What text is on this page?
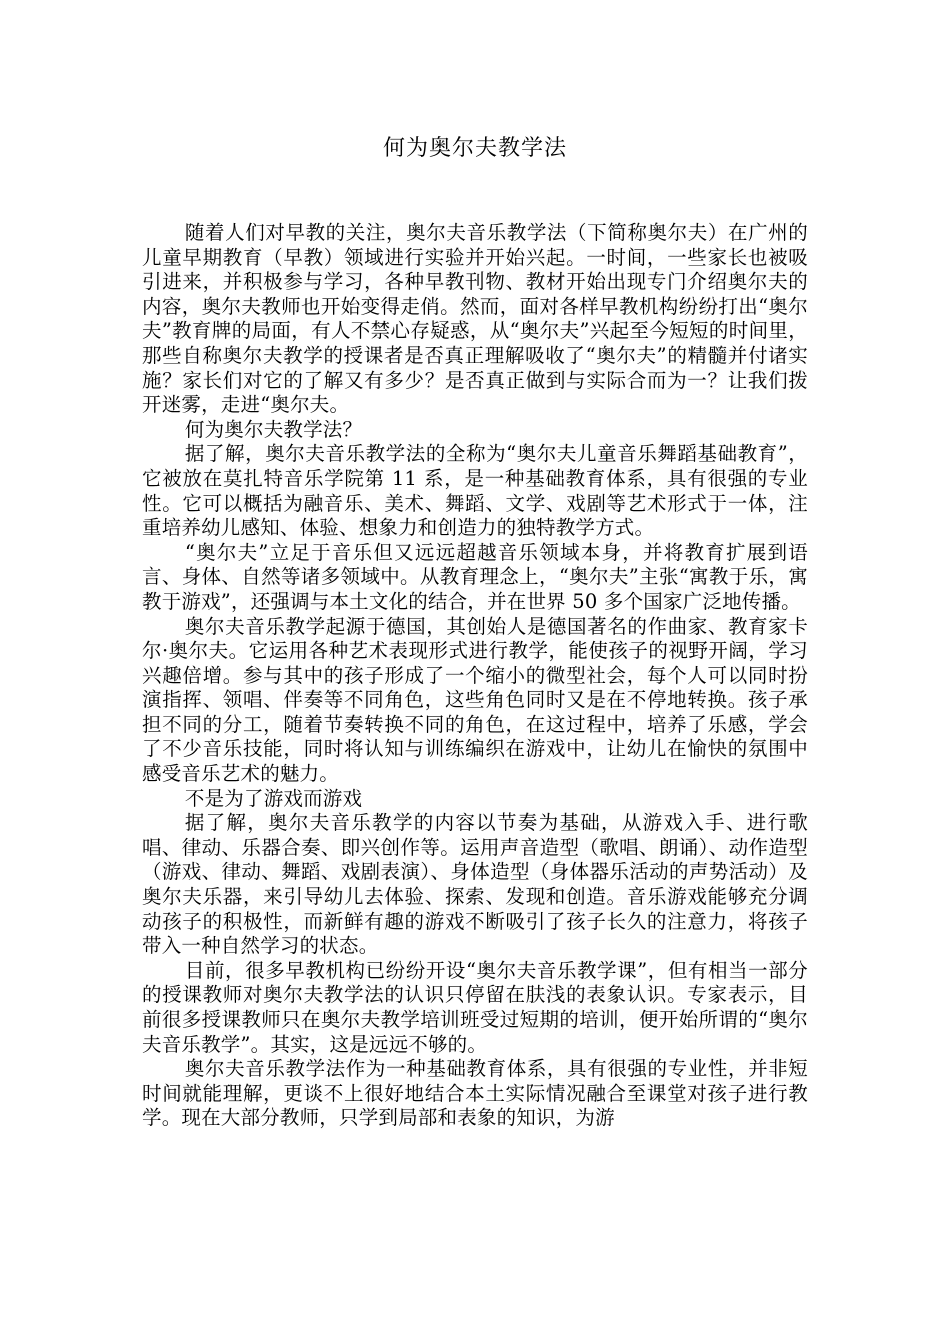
何为奥尔夫教学法

随着人们对早教的关注，奥尔夫音乐教学法（下简称奥尔夫）在广州的儿童早期教育（早教）领域进行实验并开始兴起。一时间，一些家长也被吸引进来，并积极参与学习，各种早教刊物、教材开始出现专门介绍奥尔夫的内容，奥尔夫教师也开始变得走俏。然而，面对各样早教机构纷纷打出“奥尔夫”教育牌的局面，有人不禁心存疑惑，从“奥尔夫”兴起至今短短的时间里，那些自称奥尔夫教学的授课者是否真正理解吸收了“奥尔夫”的精髓并付诸实施？家长们对它的了解又有多少？是否真正做到与实际合而为一？让我们拨开迷雾，走进“奥尔夫。

何为奥尔夫教学法？

据了解，奥尔夫音乐教学法的全称为“奥尔夫儿童音乐舞蹈基础教育”，它被放在莫扎特音乐学院第 11 系，是一种基础教育体系，具有很强的专业性。它可以概括为融音乐、美术、舞蹈、文学、戏剧等艺术形式于一体，注重培养幼儿感知、体验、想象力和创造力的独特教学方式。

“奥尔夫”立足于音乐但又远远超越音乐领域本身，并将教育扩展到语言、身体、自然等诸多领域中。从教育理念上，“奥尔夫”主张“寓教于乐，寓教于游戏”，还强调与本土文化的结合，并在世界 50 多个国家广泛地传播。

奥尔夫音乐教学起源于德国，其创始人是德国著名的作曲家、教育家卡尔·奥尔夫。它运用各种艺术表现形式进行教学，能使孩子的视野开阔，学习兴趣倍增。参与其中的孩子形成了一个缩小的微型社会，每个人可以同时扮演指挥、领唱、伴奏等不同角色，这些角色同时又是在不停地转换。孩子承担不同的分工，随着节奏转换不同的角色，在这过程中，培养了乐感，学会了不少音乐技能，同时将认知与训练编织在游戏中，让幼儿在愉快的氛围中感受音乐艺术的魅力。

不是为了游戏而游戏

据了解，奥尔夫音乐教学的内容以节奏为基础，从游戏入手、进行歌唱、律动、乐器合奏、即兴创作等。运用声音造型（歌唱、朗诵）、动作造型（游戏、律动、舞蹈、戏剧表演）、身体造型（身体器乐活动的声势活动）及奥尔夫乐器，来引导幼儿去体验、探索、发现和创造。音乐游戏能够充分调动孩子的积极性，而新鲜有趣的游戏不断吸引了孩子长久的注意力，将孩子带入一种自然学习的状态。

目前，很多早教机构已纷纷开设“奥尔夫音乐教学课”，但有相当一部分的授课教师对奥尔夫教学法的认识只停留在肤浅的表象认识。专家表示，目前很多授课教师只在奥尔夫教学培训班受过短期的培训，便开始所谓的“奥尔夫音乐教学”。其实，这是远远不够的。

奥尔夫音乐教学法作为一种基础教育体系，具有很强的专业性，并非短时间就能理解，更谈不上很好地结合本土实际情况融合至课堂对孩子进行教学。现在大部分教师，只学到局部和表象的知识，为游
